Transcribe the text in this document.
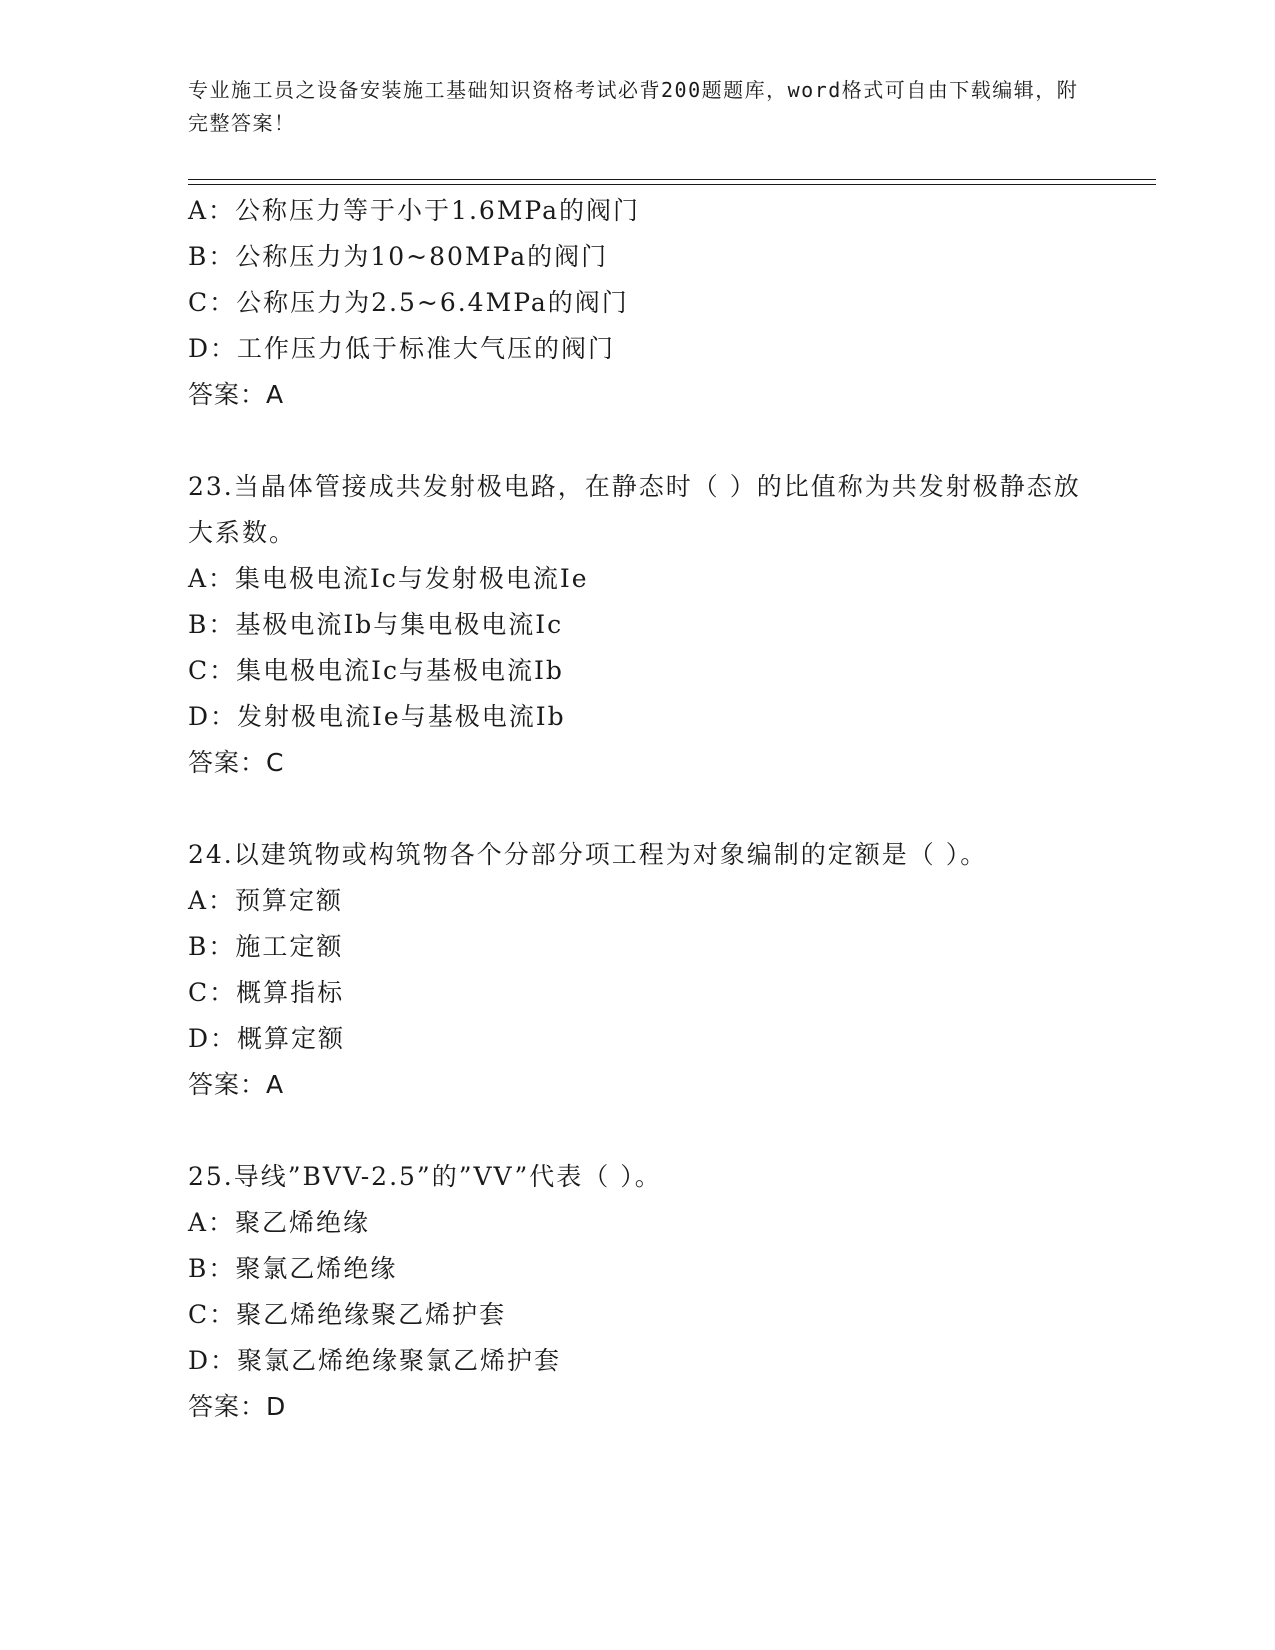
专业施工员之设备安装施工基础知识资格考试必背200题题库，word格式可自由下载编辑，附完整答案！
A：公称压力等于小于1.6MPa的阀门
B：公称压力为10~80MPa的阀门
C：公称压力为2.5~6.4MPa的阀门
D：工作压力低于标准大气压的阀门
答案：A
23.当晶体管接成共发射极电路，在静态时（ ）的比值称为共发射极静态放大系数。
A：集电极电流Ic与发射极电流Ie
B：基极电流Ib与集电极电流Ic
C：集电极电流Ic与基极电流Ib
D：发射极电流Ie与基极电流Ib
答案：C
24.以建筑物或构筑物各个分部分项工程为对象编制的定额是（ ）。
A：预算定额
B：施工定额
C：概算指标
D：概算定额
答案：A
25.导线”BVV-2.5”的”VV”代表（ ）。
A：聚乙烯绝缘
B：聚氯乙烯绝缘
C：聚乙烯绝缘聚乙烯护套
D：聚氯乙烯绝缘聚氯乙烯护套
答案：D
